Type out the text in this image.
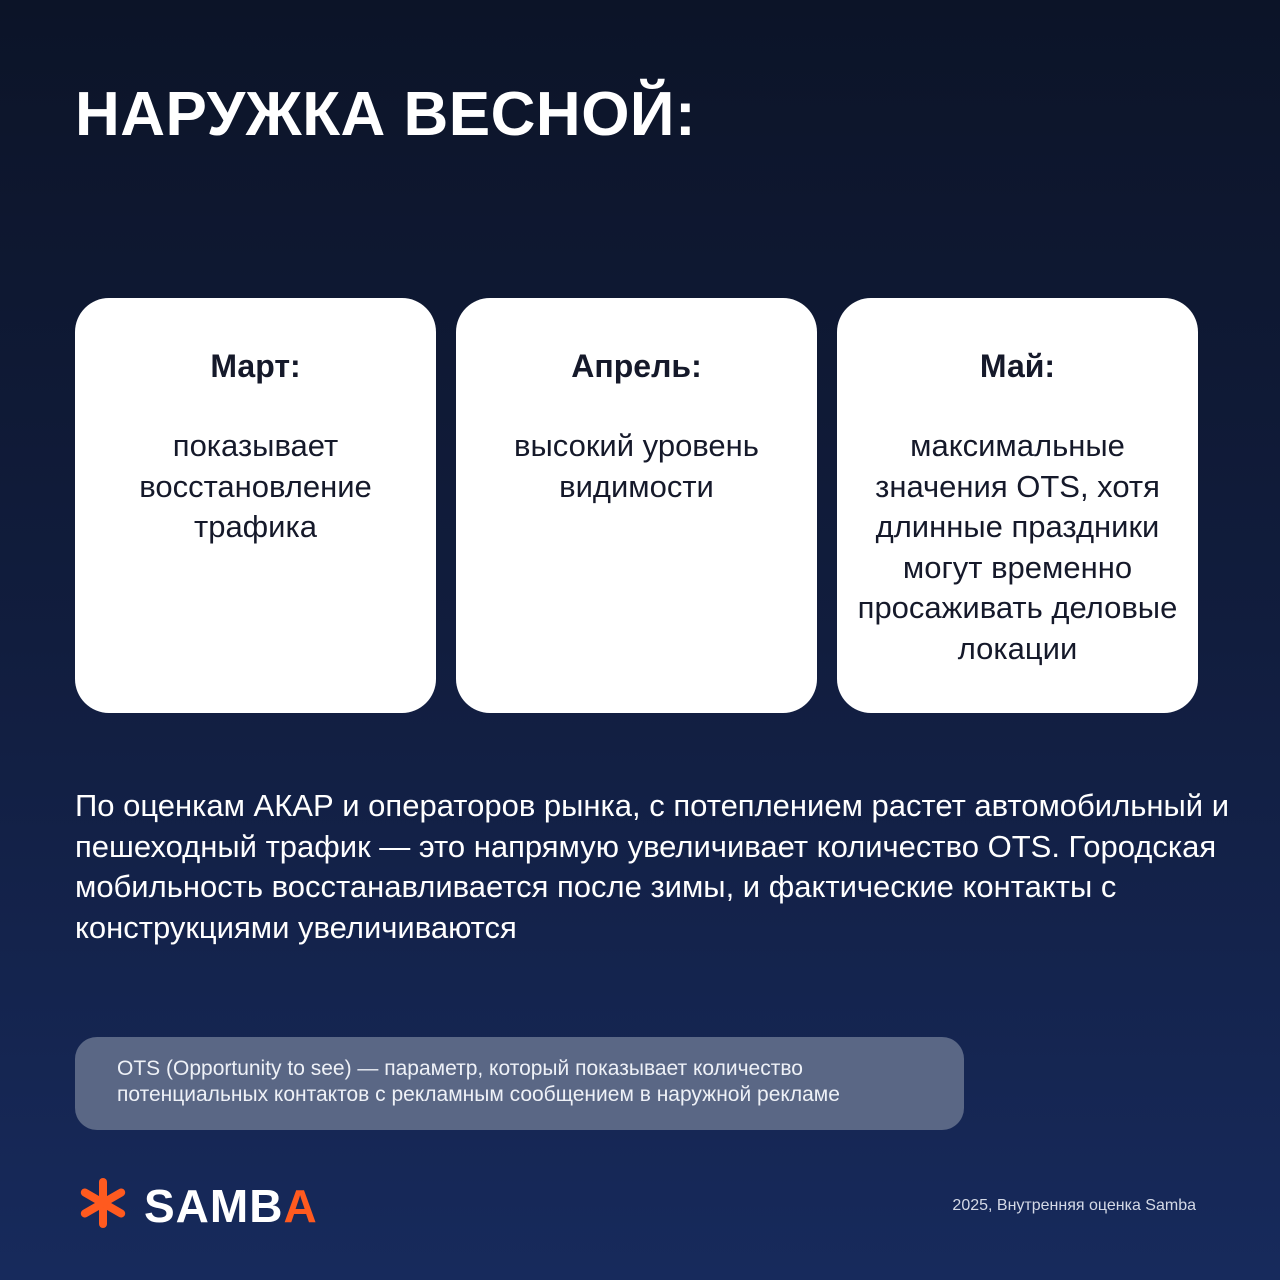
НАРУЖКА ВЕСНОЙ:
Март:
показывает восстановление трафика
Апрель:
высокий уровень видимости
Май:
максимальные значения OTS, хотя длинные праздники могут временно просаживать деловые локации

По оценкам АКАР и операторов рынка, с потеплением растет автомобильный и пешеходный трафик — это напрямую увеличивает количество OTS. Городская мобильность восстанавливается после зимы, и фактические контакты с конструкциями увеличиваются

OTS (Opportunity to see) — параметр, который показывает количество потенциальных контактов с рекламным сообщением в наружной рекламе
SAMBA	2025, Внутренняя оценка Samba
